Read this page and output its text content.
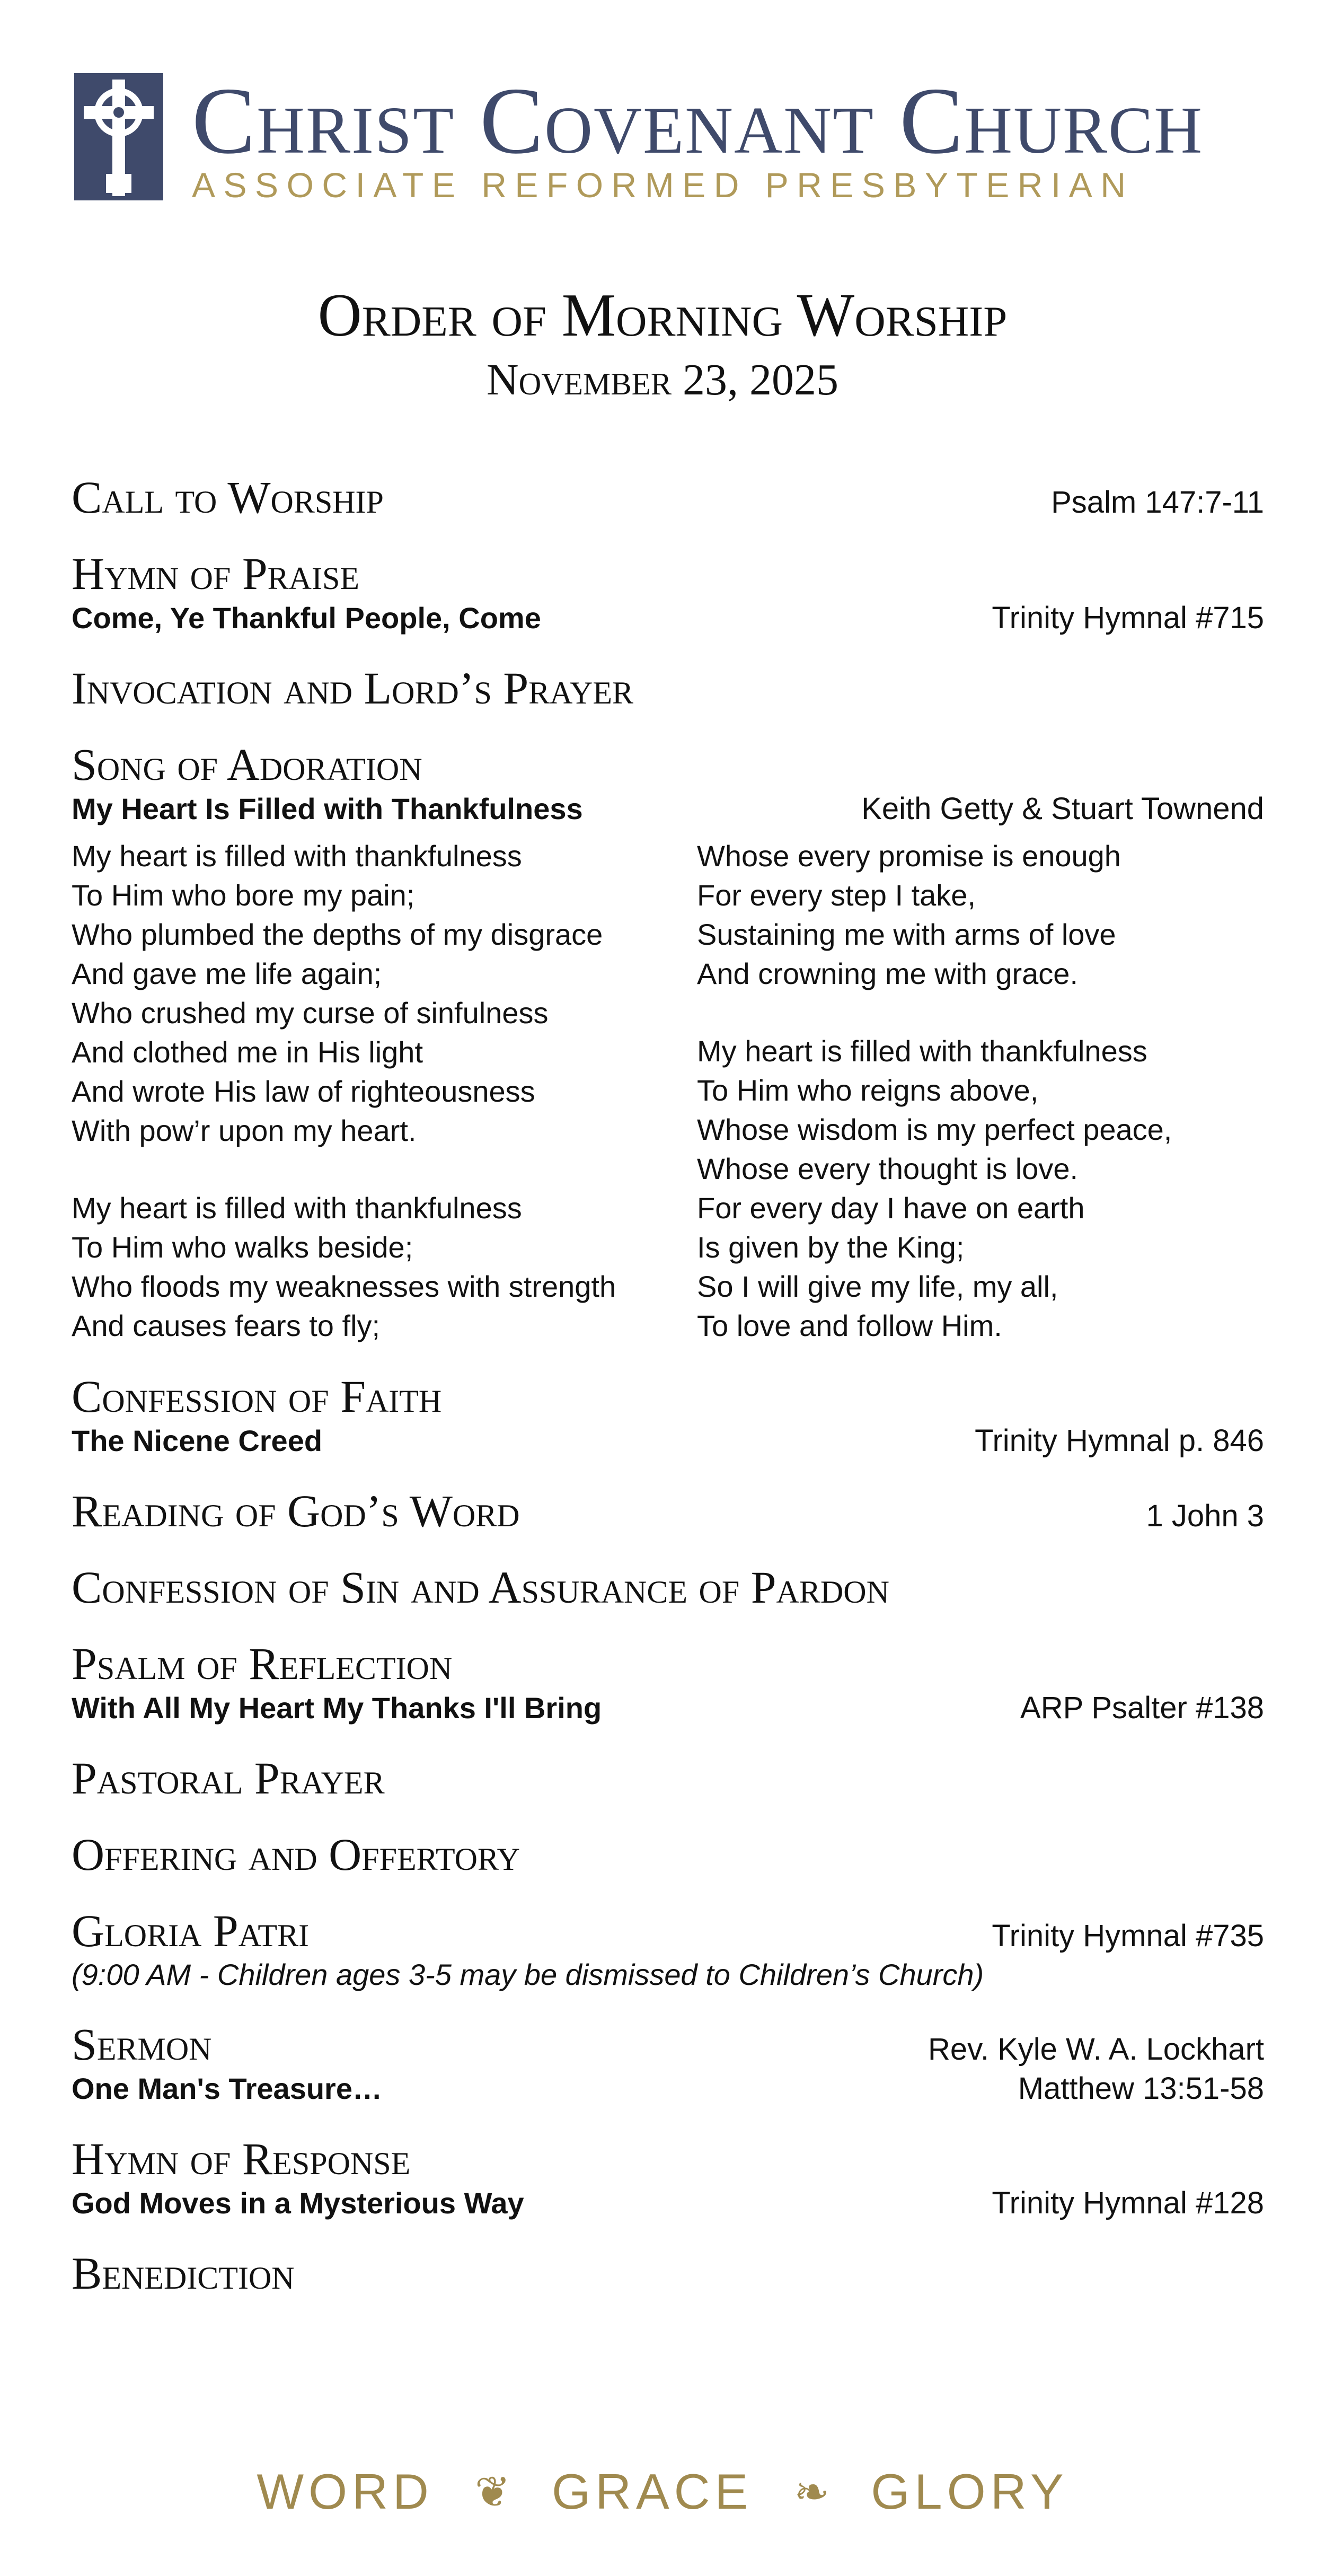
Christ Covenant Church
ASSOCIATE REFORMED PRESBYTERIAN
Order of Morning Worship
November 23, 2025
Call to Worship	Psalm 147:7-11
Hymn of Praise
Come, Ye Thankful People, Come	Trinity Hymnal #715
Invocation and Lord’s Prayer
Song of Adoration
My Heart Is Filled with Thankfulness	Keith Getty & Stuart Townend
My heart is filled with thankfulness
To Him who bore my pain;
Who plumbed the depths of my disgrace
And gave me life again;
Who crushed my curse of sinfulness
And clothed me in His light
And wrote His law of righteousness
With pow’r upon my heart.
My heart is filled with thankfulness
To Him who walks beside;
Who floods my weaknesses with strength
And causes fears to fly;
Whose every promise is enough
For every step I take,
Sustaining me with arms of love
And crowning me with grace.
My heart is filled with thankfulness
To Him who reigns above,
Whose wisdom is my perfect peace,
Whose every thought is love.
For every day I have on earth
Is given by the King;
So I will give my life, my all,
To love and follow Him.
Confession of Faith
The Nicene Creed	Trinity Hymnal p. 846
Reading of God’s Word	1 John 3
Confession of Sin and Assurance of Pardon
Psalm of Reflection
With All My Heart My Thanks I'll Bring	ARP Psalter #138
Pastoral Prayer
Offering and Offertory
Gloria Patri	Trinity Hymnal #735
(9:00 AM - Children ages 3-5 may be dismissed to Children’s Church)
Sermon	Rev. Kyle W. A. Lockhart
One Man's Treasure…	Matthew 13:51-58
Hymn of Response
God Moves in a Mysterious Way	Trinity Hymnal #128
Benediction
WORD ❦ GRACE ❧ GLORY
